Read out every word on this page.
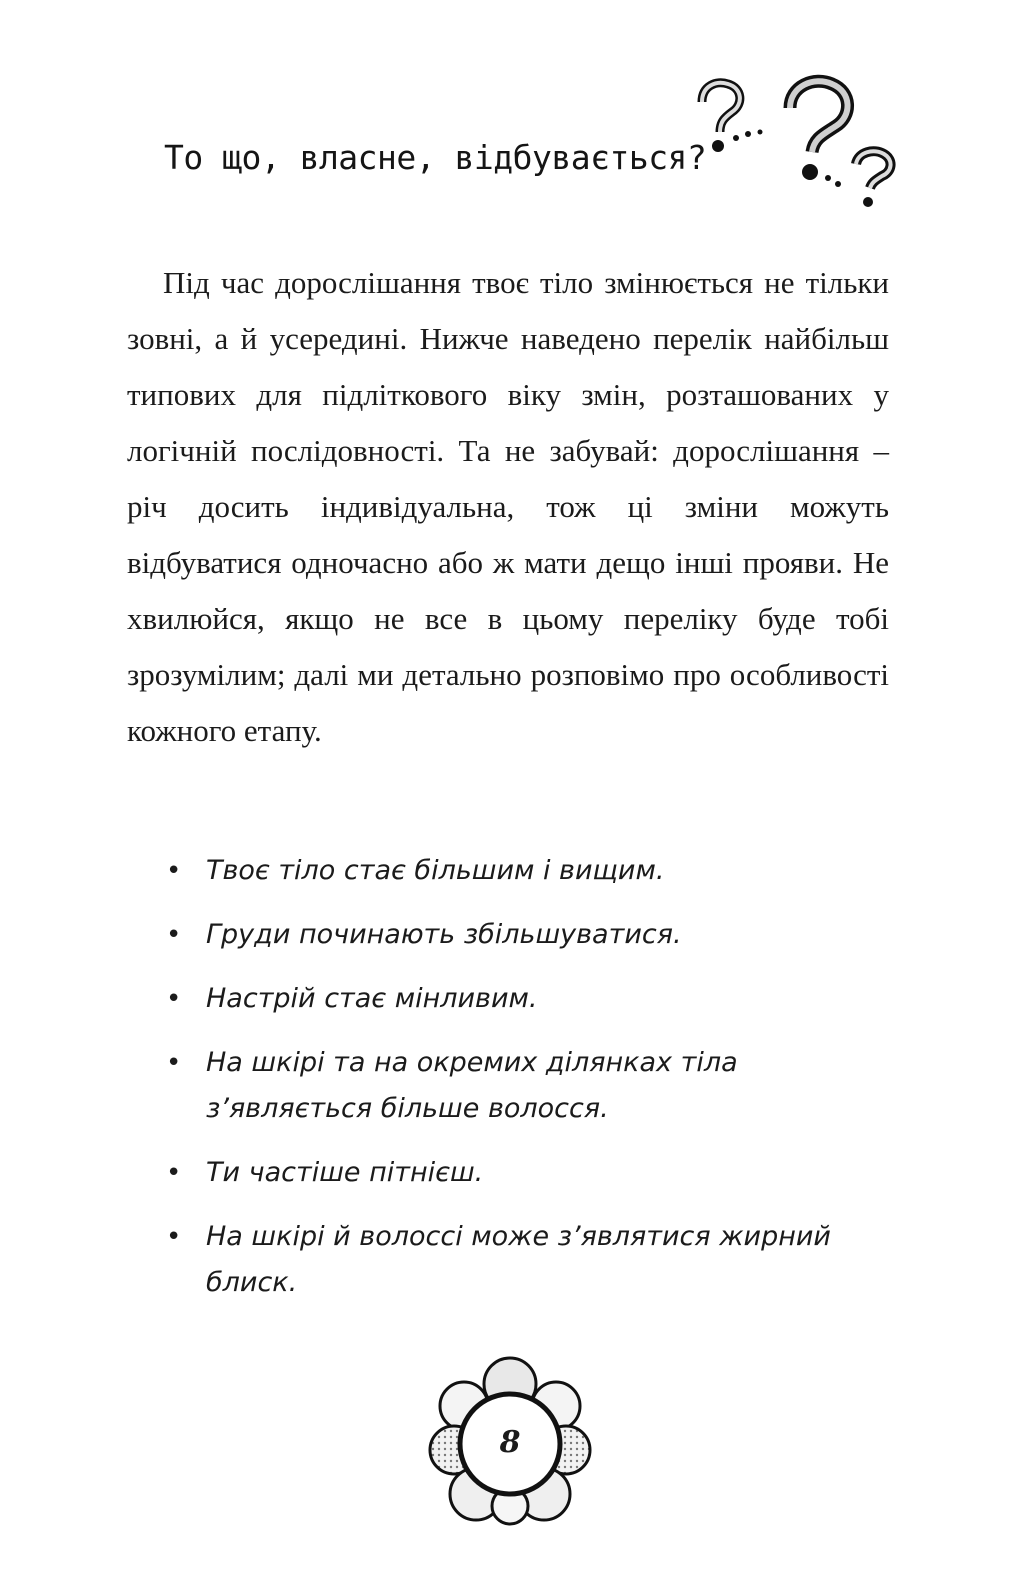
То що, власне, відбувається?

Під час дорослішання твоє тіло змінюється не тільки зовні, а й усередині. Нижче наведено перелік найбільш типових для підліткового віку змін, розташованих у логічній послідовності. Та не забувай: дорослішання – річ досить індивідуальна, тож ці зміни можуть відбуватися одночасно або ж мати дещо інші прояви. Не хвилюйся, якщо не все в цьому переліку буде тобі зрозумілим; далі ми детально розповімо про особливості кожного етапу.

• Твоє тіло стає більшим і вищим.
• Груди починають збільшуватися.
• Настрій стає мінливим.
• На шкірі та на окремих ділянках тіла з’являється більше волосся.
• Ти частіше пітнієш.
• На шкірі й волоссі може з’являтися жирний блиск.
8
